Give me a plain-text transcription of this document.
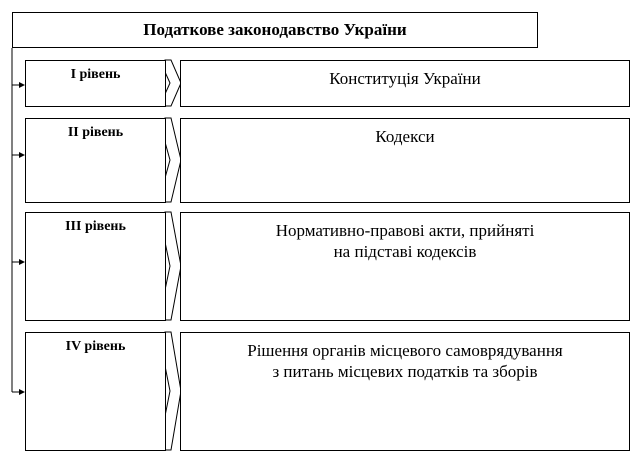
Податкове законодавство України
I рівень	Конституція України
II рівень	Кодекси
III рівень	Нормативно-правові акти, прийняті
на підставі кодексів
IV рівень	Рішення органів місцевого самоврядування
з питань місцевих податків та зборів
